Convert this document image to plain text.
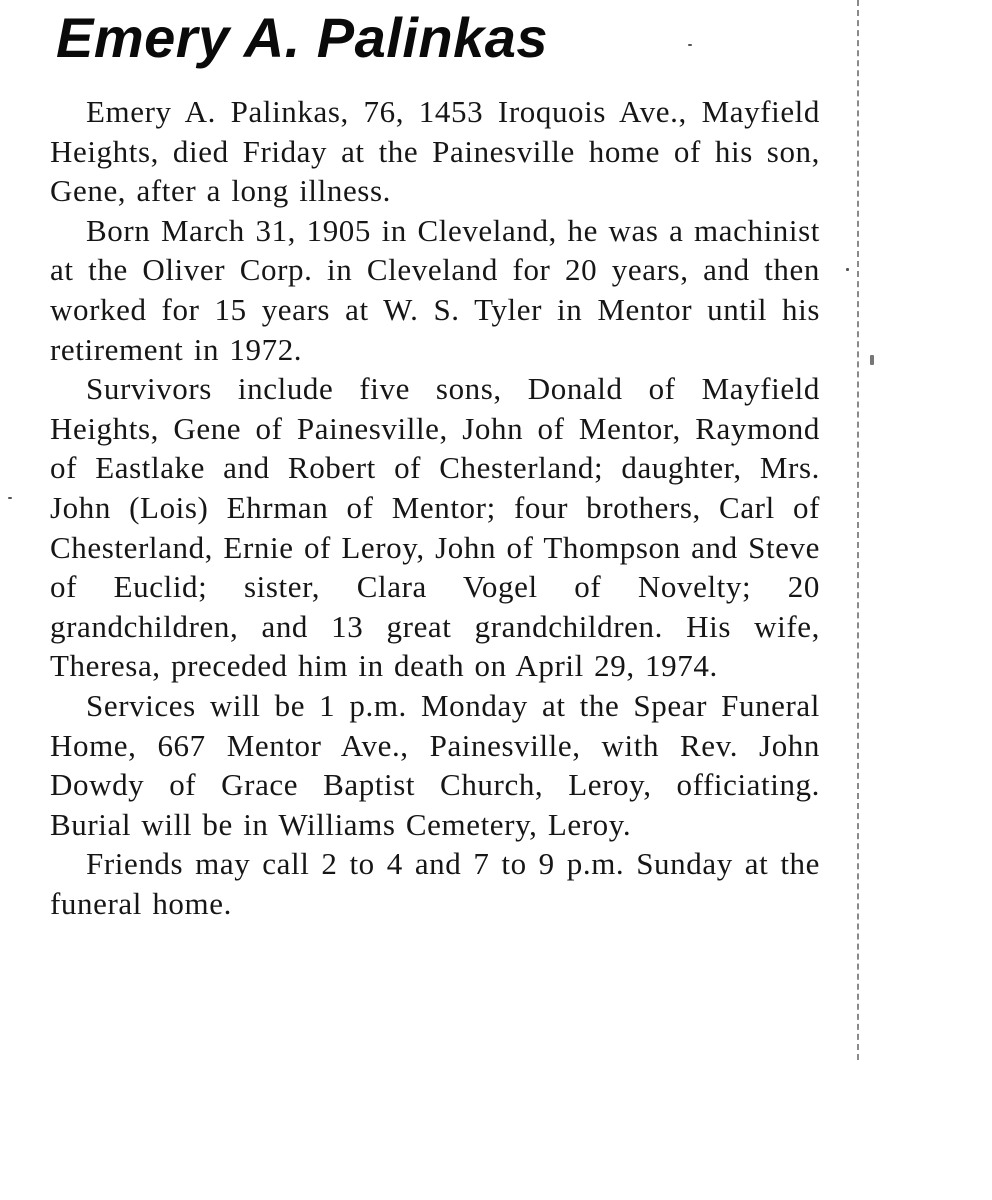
Emery A. Palinkas

Emery A. Palinkas, 76, 1453 Iroquois Ave., Mayfield Heights, died Friday at the Painesville home of his son, Gene, after a long illness.

Born March 31, 1905 in Cleveland, he was a machinist at the Oliver Corp. in Cleveland for 20 years, and then worked for 15 years at W. S. Tyler in Mentor until his retirement in 1972.

Survivors include five sons, Donald of Mayfield Heights, Gene of Painesville, John of Mentor, Raymond of Eastlake and Robert of Chesterland; daughter, Mrs. John (Lois) Ehrman of Mentor; four brothers, Carl of Chesterland, Ernie of Leroy, John of Thompson and Steve of Euclid; sister, Clara Vogel of Novelty; 20 grandchildren, and 13 great grandchildren. His wife, Theresa, preceded him in death on April 29, 1974.

Services will be 1 p.m. Monday at the Spear Funeral Home, 667 Mentor Ave., Painesville, with Rev. John Dowdy of Grace Baptist Church, Leroy, officiating. Burial will be in Williams Cemetery, Leroy.

Friends may call 2 to 4 and 7 to 9 p.m. Sunday at the funeral home.
